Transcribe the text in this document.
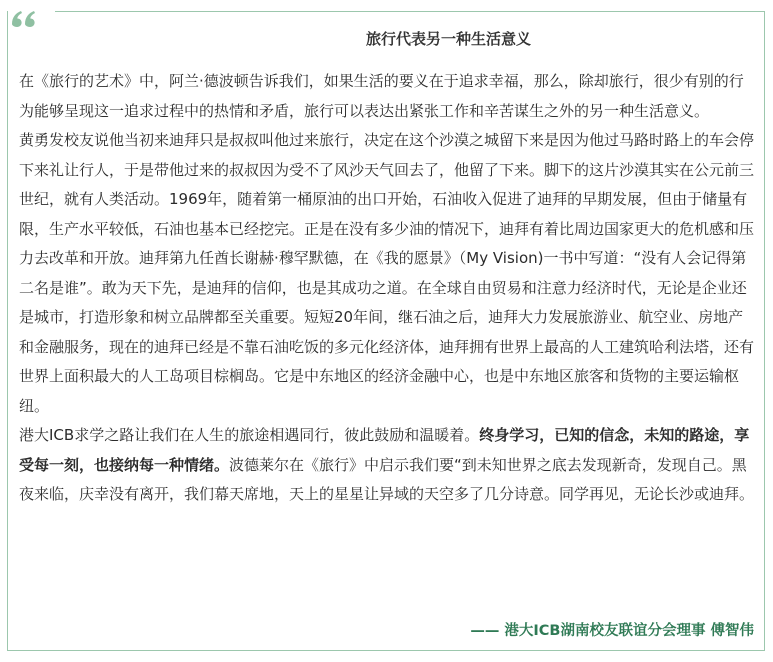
旅行代表另一种生活意义

在《旅行的艺术》中，阿兰·德波顿告诉我们，如果生活的要义在于追求幸福，那么，除却旅行，很少有别的行为能够呈现这一追求过程中的热情和矛盾，旅行可以表达出紧张工作和辛苦谋生之外的另一种生活意义。

黄勇发校友说他当初来迪拜只是叔叔叫他过来旅行，决定在这个沙漠之城留下来是因为他过马路时路上的车会停下来礼让行人，于是带他过来的叔叔因为受不了风沙天气回去了，他留了下来。脚下的这片沙漠其实在公元前三世纪，就有人类活动。1969年，随着第一桶原油的出口开始，石油收入促进了迪拜的早期发展，但由于储量有限，生产水平较低，石油也基本已经挖完。正是在没有多少油的情况下，迪拜有着比周边国家更大的危机感和压力去改革和开放。迪拜第九任酋长谢赫·穆罕默德，在《我的愿景》（My Vision)一书中写道：“没有人会记得第二名是谁”。敢为天下先，是迪拜的信仰，也是其成功之道。在全球自由贸易和注意力经济时代，无论是企业还是城市，打造形象和树立品牌都至关重要。短短20年间，继石油之后，迪拜大力发展旅游业、航空业、房地产和金融服务，现在的迪拜已经是不靠石油吃饭的多元化经济体，迪拜拥有世界上最高的人工建筑哈利法塔，还有世界上面积最大的人工岛项目棕榈岛。它是中东地区的经济金融中心，也是中东地区旅客和货物的主要运输枢纽。

港大ICB求学之路让我们在人生的旅途相遇同行，彼此鼓励和温暖着。终身学习，已知的信念，未知的路途，享受每一刻，也接纳每一种情绪。波德莱尔在《旅行》中启示我们要“到未知世界之底去发现新奇，发现自己。黑夜来临，庆幸没有离开，我们幕天席地，天上的星星让异域的天空多了几分诗意。同学再见，无论长沙或迪拜。

—— 港大ICB湖南校友联谊分会理事 傅智伟
